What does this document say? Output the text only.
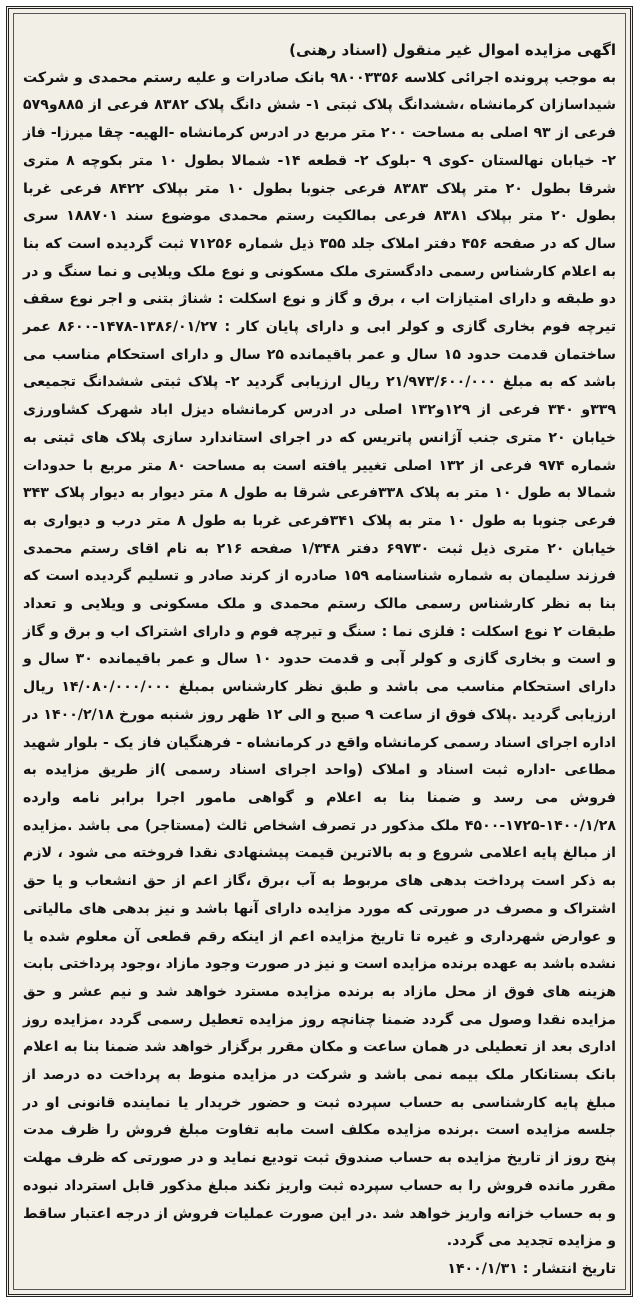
اگهی مزایده اموال غیر منقول (اسناد رهنی)
به موجب پرونده اجرائی کلاسه ۹۸۰۰۳۳۵۶ بانک صادرات و علیه رستم محمدی و شرکت شیداسازان کرمانشاه ،ششدانگ پلاک ثبتی ۱- شش دانگ پلاک ۸۳۸۲ فرعی از ۸۸۵و۵۷۹ فرعی از ۹۳ اصلی به مساحت ۲۰۰ متر مربع در ادرس کرمانشاه -الهیه- چقا میرزا- فاز ۲- خیابان نهالستان -کوی ۹ -بلوک ۲- قطعه ۱۴- شمالا بطول ۱۰ متر بکوچه ۸ متری شرقا بطول ۲۰ متر پلاک ۸۳۸۳ فرعی جنوبا بطول ۱۰ متر بپلاک ۸۴۲۲ فرعی غربا بطول ۲۰ متر بپلاک ۸۳۸۱ فرعی بمالکیت رستم محمدی موضوع سند ۱۸۸۷۰۱ سری سال که در صفحه ۴۵۶ دفتر املاک جلد ۳۵۵ ذیل شماره ۷۱۲۵۶ ثبت گردیده است که بنا به اعلام کارشناس رسمی دادگستری ملک مسکونی و نوع ملک ویلایی و نما سنگ و در دو طبقه و دارای امتیازات اب ، برق و گاز و نوع اسکلت : شناژ بتنی و اجر نوع سقف تیرچه فوم بخاری گازی و کولر ابی و دارای پایان کار : ۱۳۸۶/۰۱/۲۷-۱۴۷۸-۸۶۰۰ عمر ساختمان قدمت حدود ۱۵ سال و عمر باقیمانده ۲۵ سال و دارای استحکام مناسب می باشد که به مبلغ ۲۱/۹۷۳/۶۰۰/۰۰۰ ریال ارزیابی گردید ۲- پلاک ثبتی ششدانگ تجمیعی ۳۳۹و ۳۴۰ فرعی از ۱۲۹و۱۳۲ اصلی در ادرس کرمانشاه دیزل اباد شهرک کشاورزی خیابان ۲۰ متری جنب آژانس پاتریس که در اجرای استاندارد سازی پلاک های ثبتی به شماره ۹۷۴ فرعی از ۱۳۲ اصلی تغییر یافته است به مساحت ۸۰ متر مربع با حدودات شمالا به طول ۱۰ متر به پلاک ۳۳۸فرعی شرقا به طول ۸ متر دیوار به دیوار پلاک ۳۴۳ فرعی جنوبا به طول ۱۰ متر به پلاک ۳۴۱فرعی غربا به طول ۸ متر درب و دیواری به خیابان ۲۰ متری ذیل ثبت ۶۹۷۳۰ دفتر ۱/۳۴۸ صفحه ۲۱۶ به نام اقای رستم محمدی فرزند سلیمان به شماره شناسنامه ۱۵۹ صادره از کرند صادر و تسلیم گردیده است که بنا به نظر کارشناس رسمی مالک رستم محمدی و ملک مسکونی و ویلایی و تعداد طبقات ۲ نوع اسکلت : فلزی نما : سنگ و تیرچه فوم و دارای اشتراک اب و برق و گاز و است و بخاری گازی و کولر آبی و قدمت حدود ۱۰ سال و عمر باقیمانده ۳۰ سال و دارای استحکام مناسب می باشد و طبق نظر کارشناس بمبلغ ۱۴/۰۸۰/۰۰۰/۰۰۰ ریال ارزیابی گردید .پلاک فوق از ساعت ۹ صبح و الی ۱۲ ظهر روز شنبه مورخ ۱۴۰۰/۲/۱۸ در اداره اجرای اسناد رسمی کرمانشاه واقع در کرمانشاه - فرهنگیان فاز یک - بلوار شهید مطاعی -اداره ثبت اسناد و املاک (واحد اجرای اسناد رسمی )از طریق مزایده به فروش می رسد و ضمنا بنا به اعلام و گواهی مامور اجرا برابر نامه وارده ۱۴۰۰/۱/۲۸-۱۷۲۵-۴۵۰۰ ملک مذکور در تصرف اشخاص ثالث (مستاجر) می باشد .مزایده از مبالغ پایه اعلامی شروع و به بالاترین قیمت پیشنهادی نقدا فروخته می شود ، لازم به ذکر است پرداخت بدهی های مربوط به آب ،برق ،گاز اعم از حق انشعاب و یا حق اشتراک و مصرف در صورتی که مورد مزایده دارای آنها باشد و نیز بدهی های مالیاتی و عوارض شهرداری و غیره تا تاریخ مزایده اعم از اینکه رقم قطعی آن معلوم شده یا نشده باشد به عهده برنده مزایده است و نیز در صورت وجود مازاد ،وجود پرداختی بابت هزینه های فوق از محل مازاد به برنده مزایده مسترد خواهد شد و نیم عشر و حق مزایده نقدا وصول می گردد ضمنا چنانچه روز مزایده تعطیل رسمی گردد ،مزایده روز اداری بعد از تعطیلی در همان ساعت و مکان مقرر برگزار خواهد شد ضمنا بنا به اعلام بانک بستانکار ملک بیمه نمی باشد و شرکت در مزایده منوط به پرداخت ده درصد از مبلغ پایه کارشناسی به حساب سپرده ثبت و حضور خریدار یا نماینده قانونی او در جلسه مزایده است .برنده مزایده مکلف است مابه تفاوت مبلغ فروش را ظرف مدت پنج روز از تاریخ مزایده به حساب صندوق ثبت توديع نمايد و در صورتی که ظرف مهلت مقرر مانده فروش را به حساب سپرده ثبت واریز نکند مبلغ مذکور قابل استرداد نبوده و به حساب خزانه واریز خواهد شد .در این صورت عملیات فروش از درجه اعتبار ساقط و مزایده تجدید می گردد.
تاریخ انتشار : ۱۴۰۰/۱/۳۱
